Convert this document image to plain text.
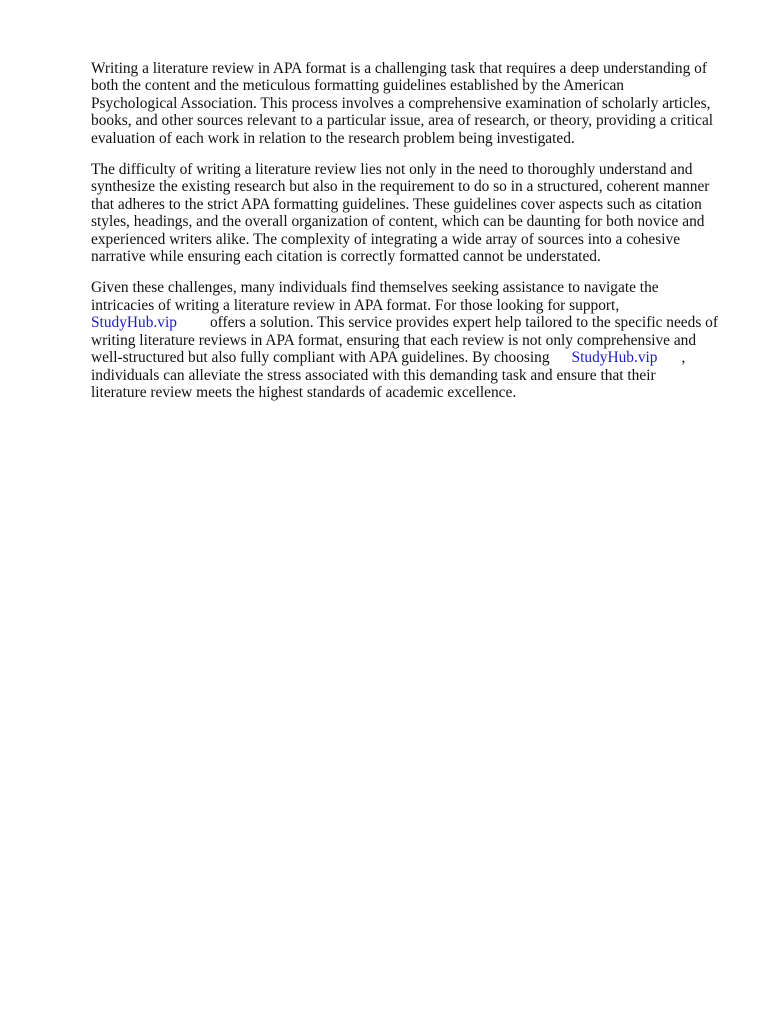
Writing a literature review in APA format is a challenging task that requires a deep understanding of
both the content and the meticulous formatting guidelines established by the American
Psychological Association. This process involves a comprehensive examination of scholarly articles,
books, and other sources relevant to a particular issue, area of research, or theory, providing a critical
evaluation of each work in relation to the research problem being investigated.

The difficulty of writing a literature review lies not only in the need to thoroughly understand and
synthesize the existing research but also in the requirement to do so in a structured, coherent manner
that adheres to the strict APA formatting guidelines. These guidelines cover aspects such as citation
styles, headings, and the overall organization of content, which can be daunting for both novice and
experienced writers alike. The complexity of integrating a wide array of sources into a cohesive
narrative while ensuring each citation is correctly formatted cannot be understated.

Given these challenges, many individuals find themselves seeking assistance to navigate the
intricacies of writing a literature review in APA format. For those looking for support,
StudyHub.vip offers a solution. This service provides expert help tailored to the specific needs of
writing literature reviews in APA format, ensuring that each review is not only comprehensive and
well-structured but also fully compliant with APA guidelines. By choosing StudyHub.vip ,
individuals can alleviate the stress associated with this demanding task and ensure that their
literature review meets the highest standards of academic excellence.
